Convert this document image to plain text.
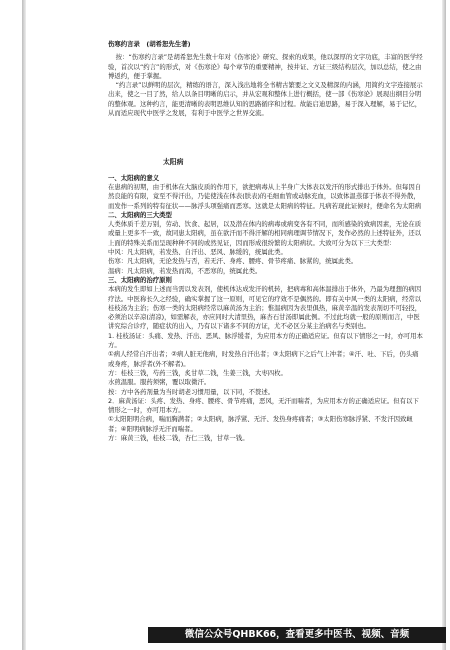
伤寒约言录　(胡希恕先生著)

按：“伤寒约言录”是胡希恕先生数十年对《伤寒论》研究、探索的成果，他以深厚的文字功底，丰富的医学经验，首次以“约言”的形式，对《伤寒论》每个章节的重要精神，按井证、方证三级结构层次，加以总结，使之由博返约，便于掌握。

“约言录”以鲜明的层次，精练的语言，深入浅出地将全书精古繁要之文义及精深的内涵，用简约文字连接展示出来，使之一目了然，给人以条目明晰的启示，并从宏观和整体上进行概括，使一部《伤寒论》展现出纲目分明的整体观。这种约言，能更清晰的表明思维认知的思路循序和过程。故能启迪思路，易于深入理解，易于记忆，从而适应现代中医学之发展，有利于中医学之世界交流。

太阳病

一、太阳病的意义

在患病的初期，由于机体在大脑皮质的作用下，欲把病毒从上半身广大体表以发汗的形式排出于体外。但每因自然良能的有限，竟至不得汗出，乃徒使浅在体表(肤表)的毛细血管或动脉充血，以致体温蒸郁于体表不得外散，而发作一系列的特有征状——脉浮头项强痛而恶寒。这就是太阳病的特征。凡病若现此证候时，便命名为太阳病

二、太阳病的三大类型

人类体质千差万别，劳动、饮食、起居，以及潜在体内的病毒或病变各有不同，而所感染的致病因素，无论在质或量上更多不一致，故同患太阳病，虽在欲汗而不得汗解的相同病理调节情况下，发作必然的上述特征外，还以上面的特殊关系而呈现种种不同的或然见证，因而形成很纷繁的太阳病状。大致可分为以下三大类型：

中风：凡太阳病，若发热、自汗出、恶风、脉缓的，统属此类。

伤寒：凡太阳病，无论发热与否，若无汗、身疼、腰疼、骨节疼痛、脉紧的，统属此类。

温病：凡太阳病，若发热而渴，不恶寒的，统属此类。

三、太阳病的治疗原则

本病的发生即如上述而当需以发表剂，使机体达成发汗的机转，把病毒和高体温排出于体外，乃最为理想的病因疗法。中医称长久之经验，确实掌握了这一原则，可见它的疗效不是偶然的。即有关中风一类的太阳病，经常以桂枝汤为主治；伤寒一类的太阳病经常以麻黄汤为主治；惟温病因为表里俱热，麻黄辛温的发表剂切不可轻投，必须治以辛凉(清凉)，如需解表，亦应同时大清里热，麻杏石甘汤即属此例。不过此均就一般的原则而言，中医讲究综合诊疗，随症状的出入，乃有以下诸多不同的方证，尤不必区分某主治病名与类别也。

1. 桂枝汤证：头痛、发热、汗出、恶风、脉浮缓者，为应用本方的正确适应证。但有以下情形之一时，亦可用本方。

①病人经常自汗出者；②病人脏无他病，时发热自汗出者；③太阳病下之后气上冲者；④汗、吐、下后，仍头痛或身疼，脉浮者(外不解者)。

方：桂枝三钱，芍药三钱，炙甘草二钱，生姜三钱，大枣四枚。

水煎温服。服药须粥，覆以取微汗。

按：方中各药剂量为当时胡老习惯用量，以下同，不赘述。

2．麻黄汤证：头疼、发热、身疼、腰疼、骨节疼痛，恶风，无汗而喘者，为应用本方的正确适应证。但有以下情形之一时，亦可用本方。

①太阳阳明合病，喘而胸满者；②太阳病，脉浮紧、无汗、发热身疼痛者；③太阳伤寒脉浮紧、不发汗因致衄者；④阳明病脉浮无汗而喘者。

方：麻黄三钱，桂枝二钱，杏仁三钱，甘草一钱。

微信公众号QHBK66，查看更多中医书、视频、音频
